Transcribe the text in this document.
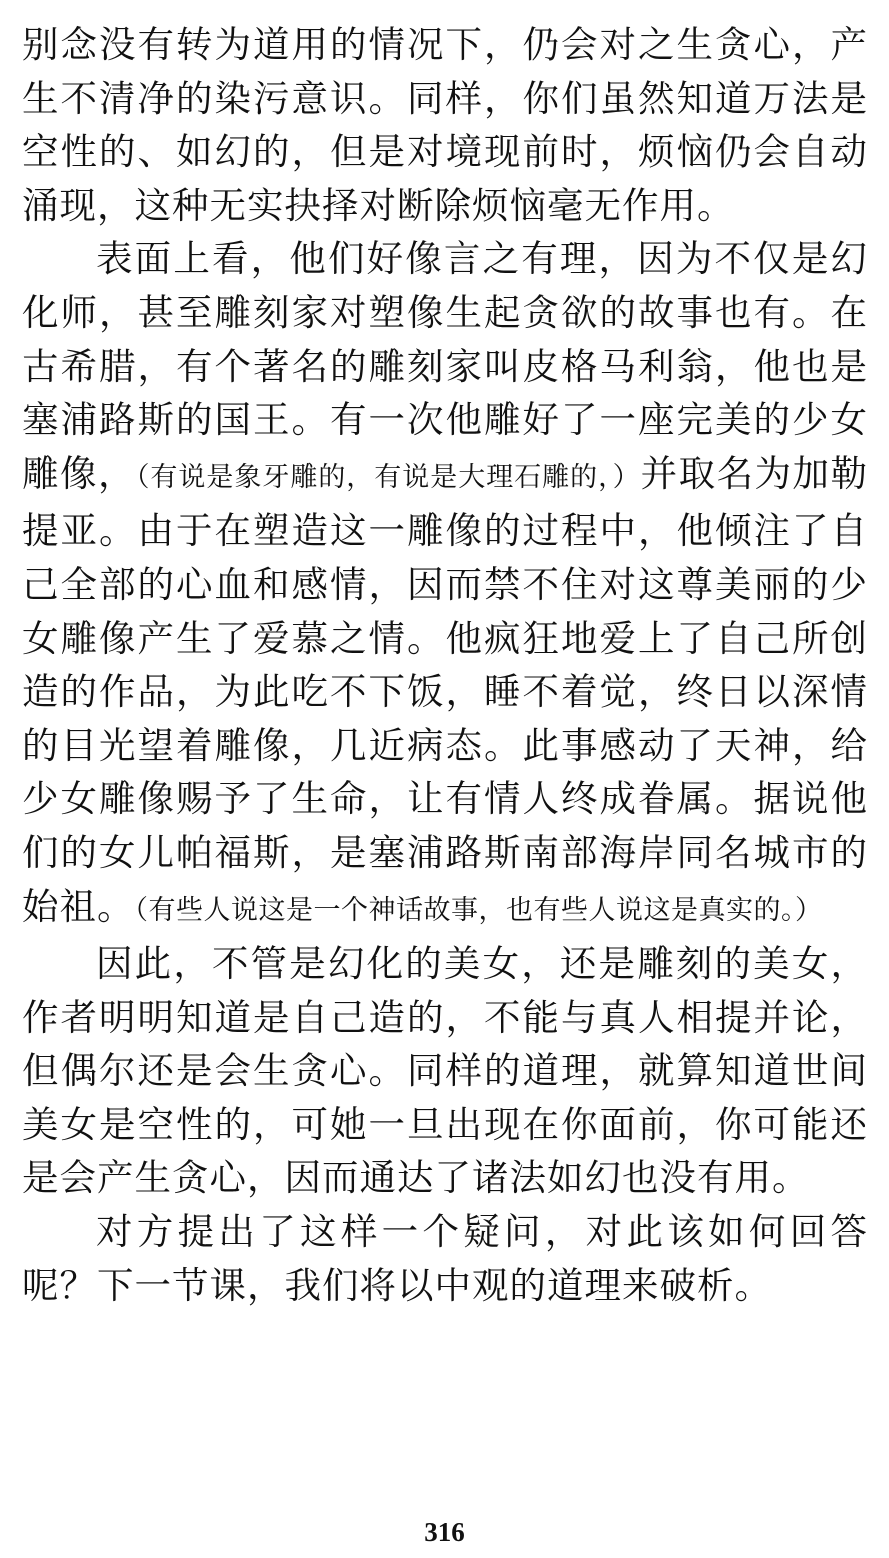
别念没有转为道用的情况下，仍会对之生贪心，产生不清净的染污意识。同样，你们虽然知道万法是空性的、如幻的，但是对境现前时，烦恼仍会自动涌现，这种无实抉择对断除烦恼毫无作用。

表面上看，他们好像言之有理，因为不仅是幻化师，甚至雕刻家对塑像生起贪欲的故事也有。在古希腊，有个著名的雕刻家叫皮格马利翁，他也是塞浦路斯的国王。有一次他雕好了一座完美的少女雕像，（有说是象牙雕的，有说是大理石雕的，）并取名为加勒提亚。由于在塑造这一雕像的过程中，他倾注了自己全部的心血和感情，因而禁不住对这尊美丽的少女雕像产生了爱慕之情。他疯狂地爱上了自己所创造的作品，为此吃不下饭，睡不着觉，终日以深情的目光望着雕像，几近病态。此事感动了天神，给少女雕像赐予了生命，让有情人终成眷属。据说他们的女儿帕福斯，是塞浦路斯南部海岸同名城市的始祖。（有些人说这是一个神话故事，也有些人说这是真实的。）

因此，不管是幻化的美女，还是雕刻的美女，作者明明知道是自己造的，不能与真人相提并论，但偶尔还是会生贪心。同样的道理，就算知道世间美女是空性的，可她一旦出现在你面前，你可能还是会产生贪心，因而通达了诸法如幻也没有用。

对方提出了这样一个疑问，对此该如何回答呢？下一节课，我们将以中观的道理来破析。

316
